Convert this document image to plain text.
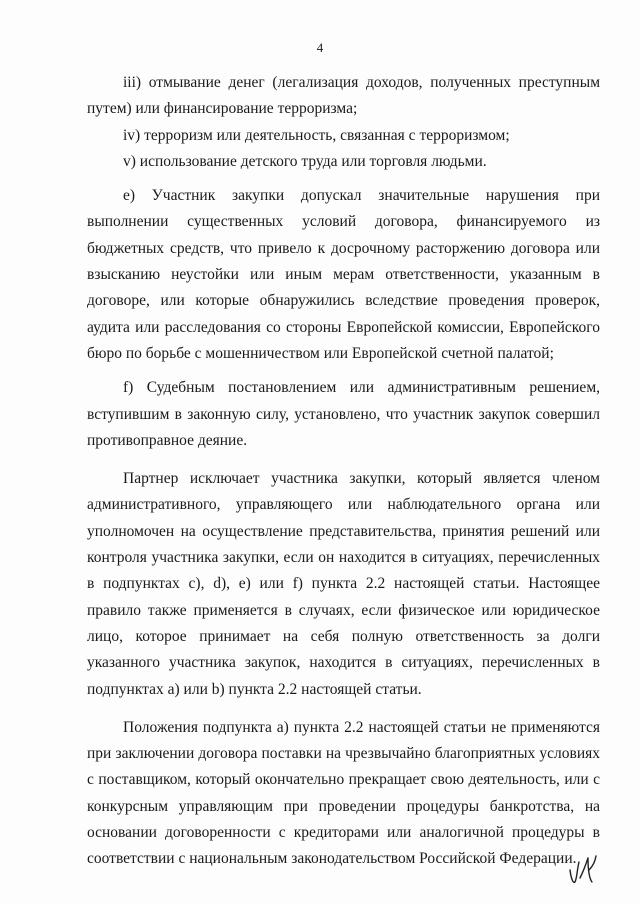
4

iii) отмывание денег (легализация доходов, полученных преступным путем) или финансирование терроризма;

iv) терроризм или деятельность, связанная с терроризмом;

v) использование детского труда или торговля людьми.

e) Участник закупки допускал значительные нарушения при выполнении существенных условий договора, финансируемого из бюджетных средств, что привело к досрочному расторжению договора или взысканию неустойки или иным мерам ответственности, указанным в договоре, или которые обнаружились вследствие проведения проверок, аудита или расследования со стороны Европейской комиссии, Европейского бюро по борьбе с мошенничеством или Европейской счетной палатой;

f) Судебным постановлением или административным решением, вступившим в законную силу, установлено, что участник закупок совершил противоправное деяние.

Партнер исключает участника закупки, который является членом административного, управляющего или наблюдательного органа или уполномочен на осуществление представительства, принятия решений или контроля участника закупки, если он находится в ситуациях, перечисленных в подпунктах c), d), e) или f) пункта 2.2 настоящей статьи. Настоящее правило также применяется в случаях, если физическое или юридическое лицо, которое принимает на себя полную ответственность за долги указанного участника закупок, находится в ситуациях, перечисленных в подпунктах a) или b) пункта 2.2 настоящей статьи.

Положения подпункта a) пункта 2.2 настоящей статьи не применяются при заключении договора поставки на чрезвычайно благоприятных условиях с поставщиком, который окончательно прекращает свою деятельность, или с конкурсным управляющим при проведении процедуры банкротства, на основании договоренности с кредиторами или аналогичной процедуры в соответствии с национальным законодательством Российской Федерации.
